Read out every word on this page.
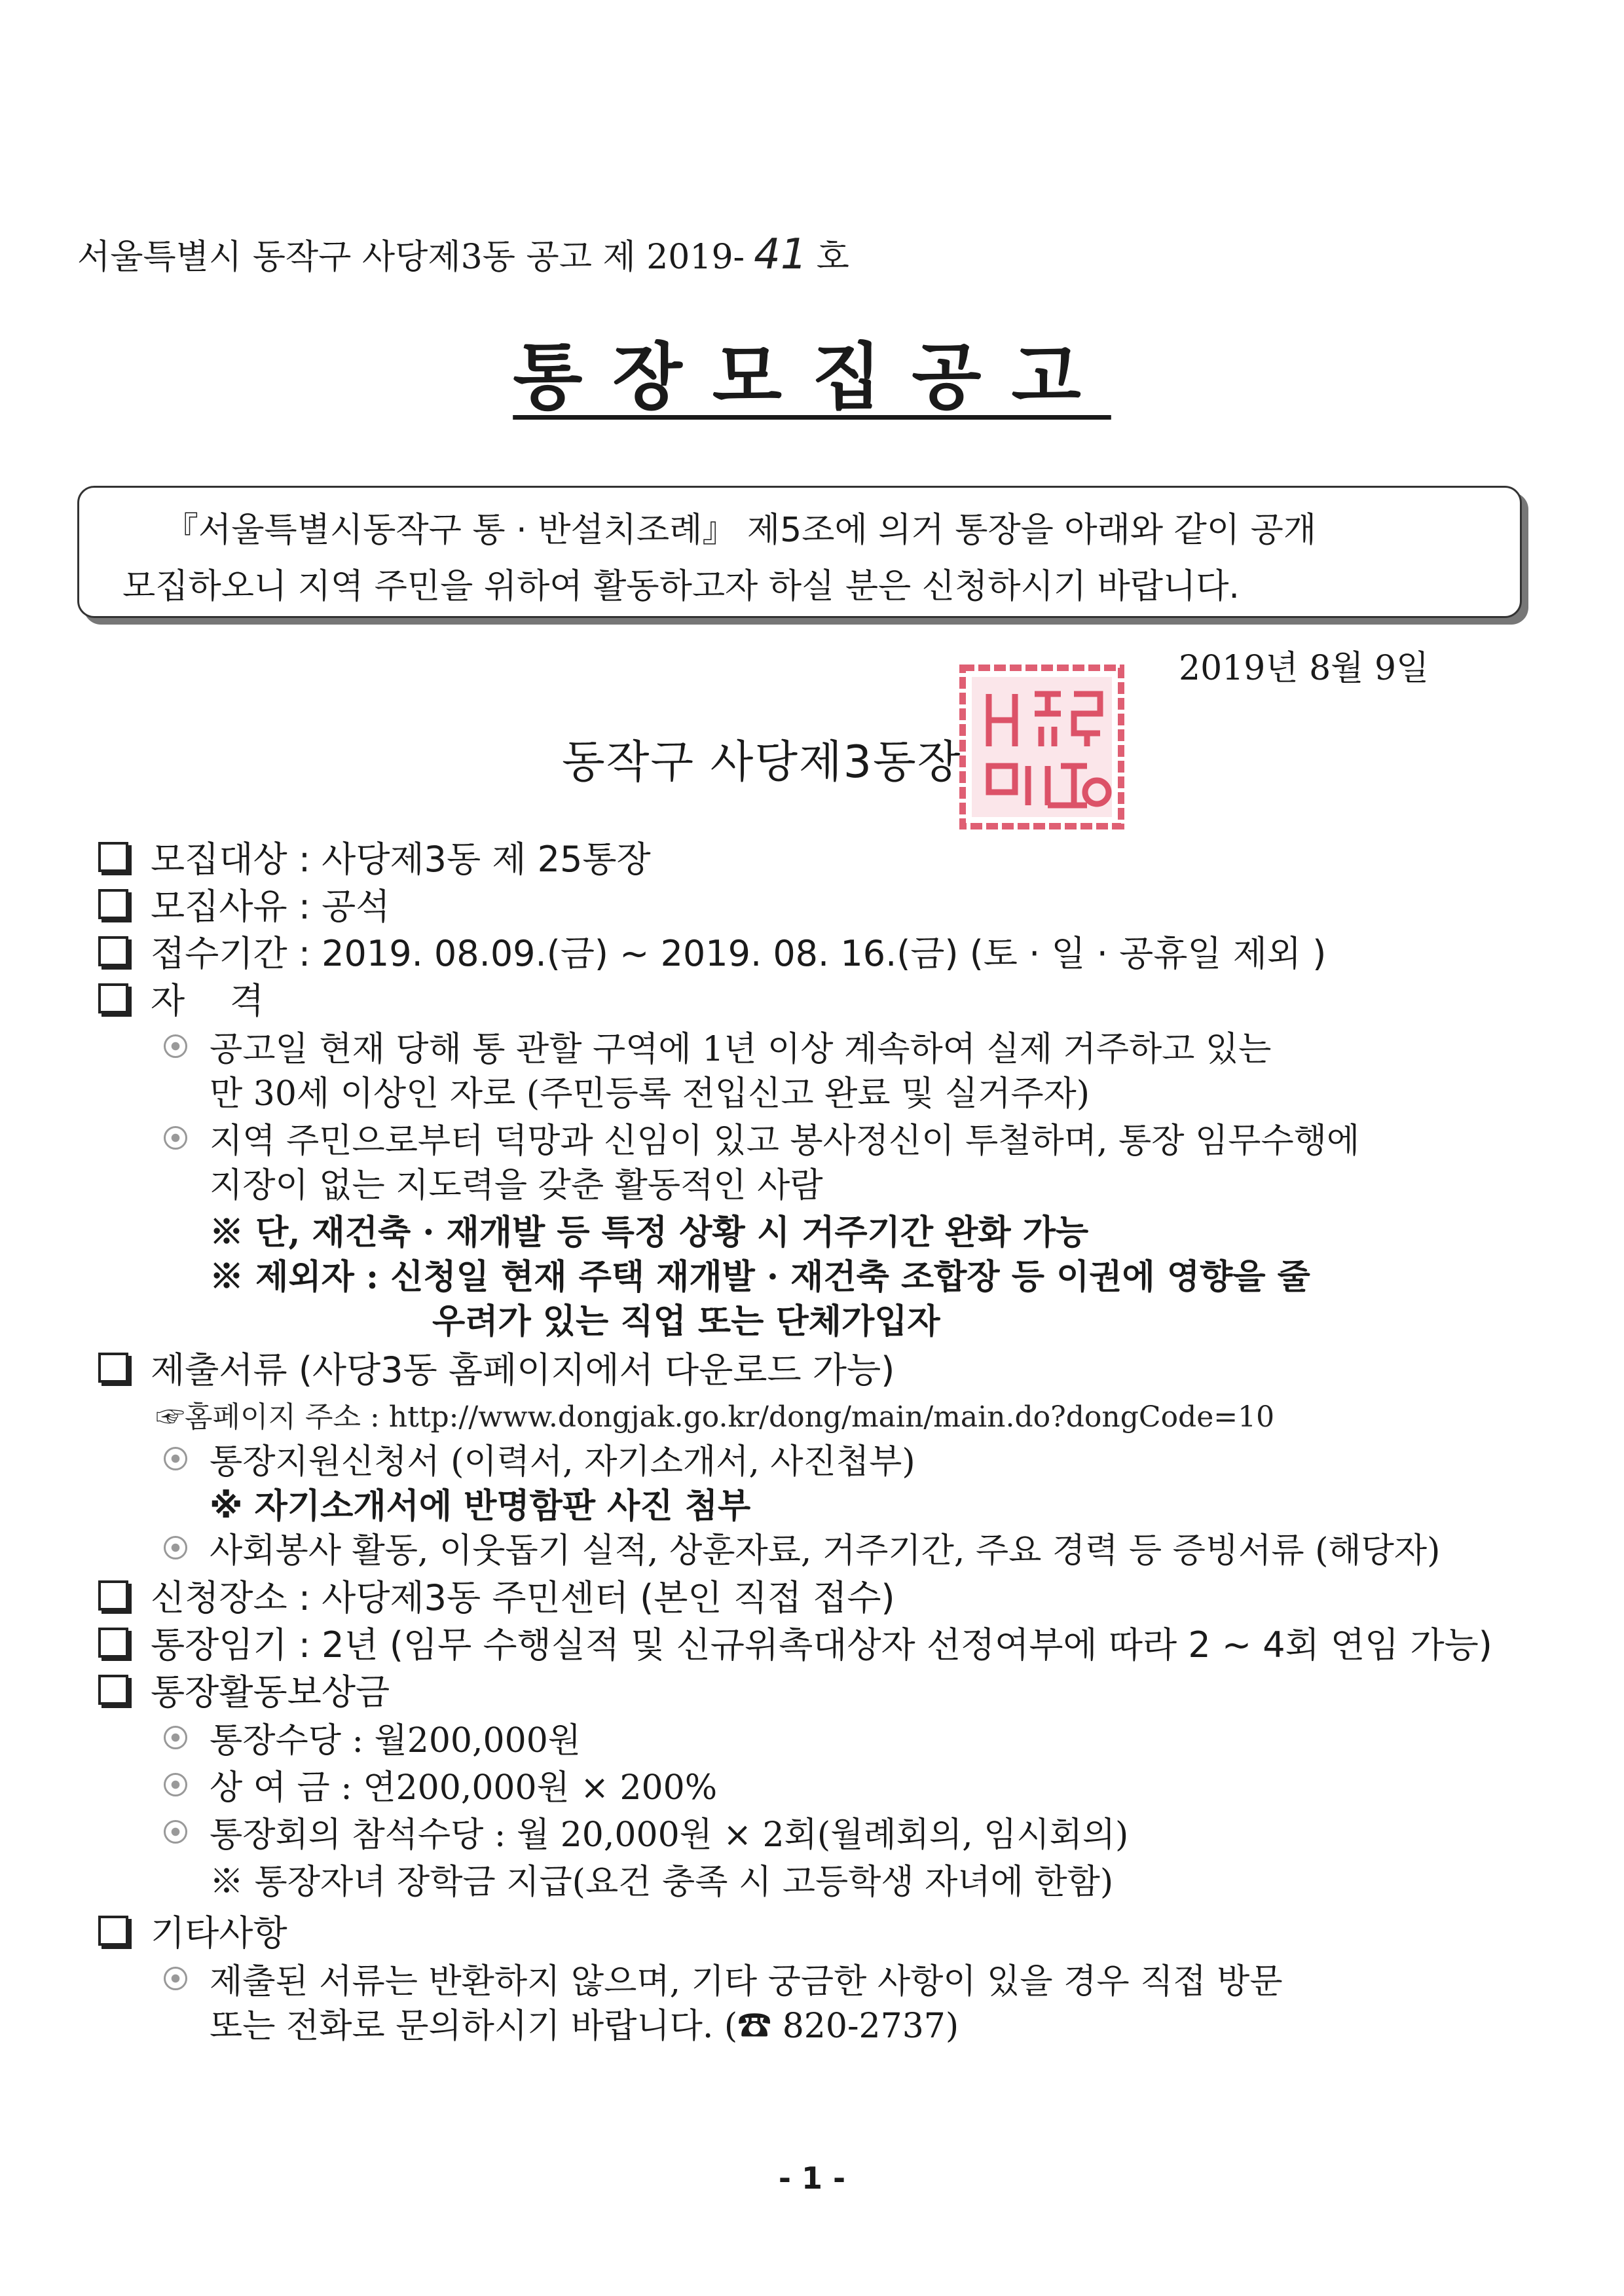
서울특별시 동작구 사당제3동 공고 제 2019- 41 호
통장모집공고
『서울특별시동작구 통 · 반설치조례』 제5조에 의거 통장을 아래와 같이 공개
모집하오니 지역 주민을 위하여 활동하고자 하실 분은 신청하시기 바랍니다.
2019년 8월 9일
동작구 사당제3동장
모집대상 : 사당제3동 제 25통장
모집사유 : 공석
접수기간 : 2019. 08.09.(금) ~ 2019. 08. 16.(금) (토 · 일 · 공휴일 제외 )
자    격
공고일 현재 당해 통 관할 구역에 1년 이상 계속하여 실제 거주하고 있는
만 30세 이상인 자로 (주민등록 전입신고 완료 및 실거주자)
지역 주민으로부터 덕망과 신임이 있고 봉사정신이 투철하며, 통장 임무수행에
지장이 없는 지도력을 갖춘 활동적인 사람
※ 단, 재건축 · 재개발 등 특정 상황 시 거주기간 완화 가능
※ 제외자 : 신청일 현재 주택 재개발 · 재건축 조합장 등 이권에 영향을 줄
우려가 있는 직업 또는 단체가입자
제출서류 (사당3동 홈페이지에서 다운로드 가능)
☞홈페이지 주소 : http://www.dongjak.go.kr/dong/main/main.do?dongCode=10
통장지원신청서 (이력서, 자기소개서, 사진첩부)
※ 자기소개서에 반명함판 사진 첨부
사회봉사 활동, 이웃돕기 실적, 상훈자료, 거주기간, 주요 경력 등 증빙서류 (해당자)
신청장소 : 사당제3동 주민센터 (본인 직접 접수)
통장임기 : 2년 (임무 수행실적 및 신규위촉대상자 선정여부에 따라 2 ~ 4회 연임 가능)
통장활동보상금
통장수당 : 월200,000원
상 여 금 : 연200,000원 × 200%
통장회의 참석수당 : 월 20,000원 × 2회(월례회의, 임시회의)
※ 통장자녀 장학금 지급(요건 충족 시 고등학생 자녀에 한함)
기타사항
제출된 서류는 반환하지 않으며, 기타 궁금한 사항이 있을 경우 직접 방문
또는 전화로 문의하시기 바랍니다. (☎ 820-2737)
- 1 -
